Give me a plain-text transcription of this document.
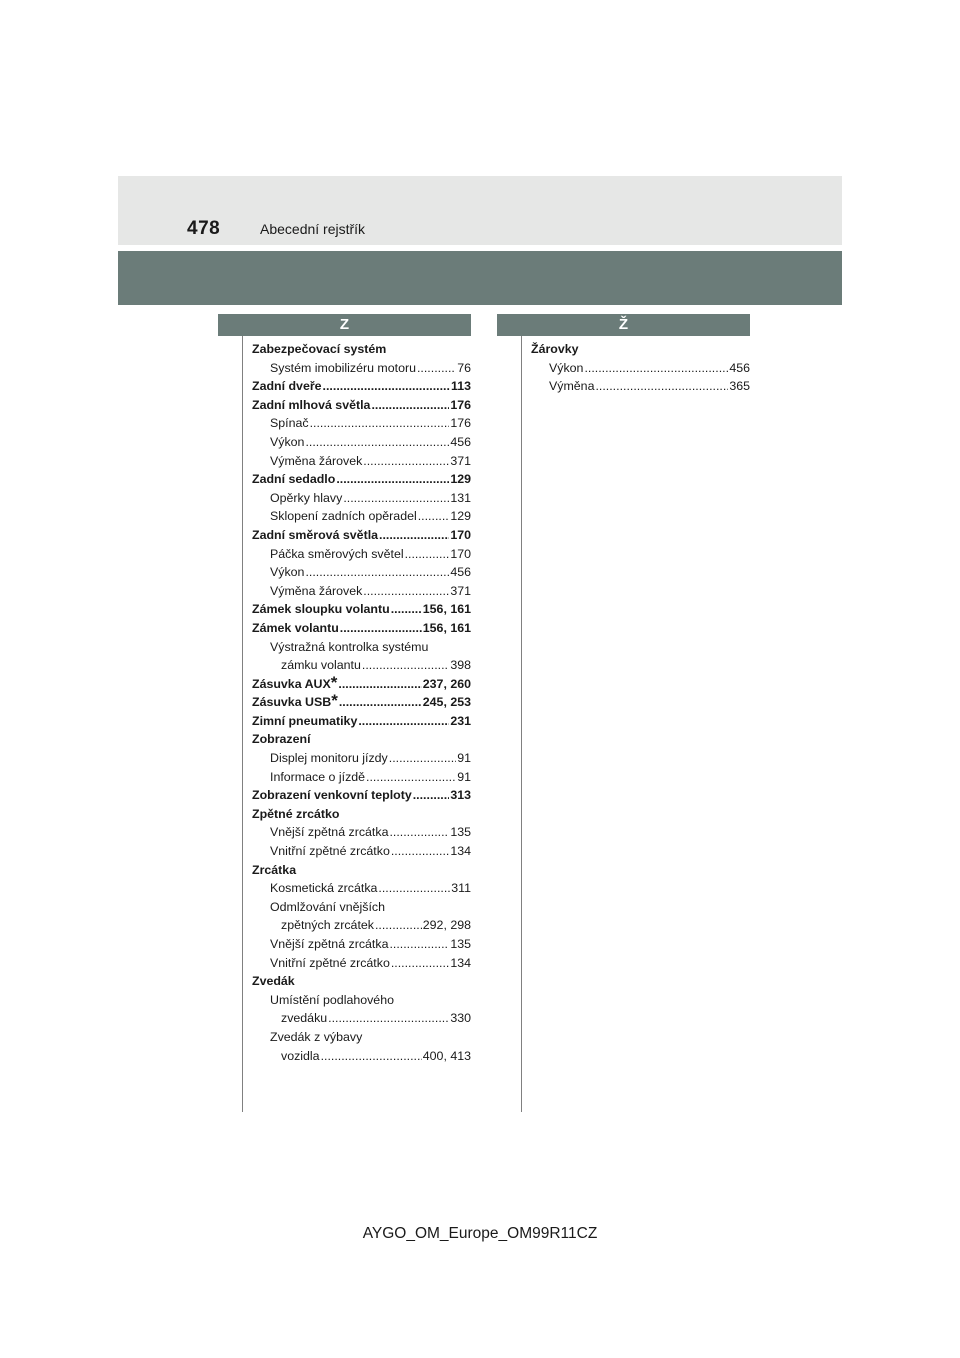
478	Abecední rejstřík
Z	Ž
Zabezpečovací systém
Systém imobilizéru motoru .....	76
Zadní dveře .....	113
Zadní mlhová světla .....	176
Spínač .....	176
Výkon .....	456
Výměna žárovek .....	371
Zadní sedadlo .....	129
Opěrky hlavy .....	131
Sklopení zadních opěradel .....	129
Zadní směrová světla .....	170
Páčka směrových světel .....	170
Výkon .....	456
Výměna žárovek .....	371
Zámek sloupku volantu .....	156, 161
Zámek volantu .....	156, 161
Výstražná kontrolka systému
zámku volantu .....	398
Zásuvka AUX * .....	237, 260
Zásuvka USB * .....	245, 253
Zimní pneumatiky .....	231
Zobrazení
Displej monitoru jízdy .....	91
Informace o jízdě .....	91
Zobrazení venkovní teploty .....	313
Zpětné zrcátko
Vnější zpětná zrcátka .....	135
Vnitřní zpětné zrcátko .....	134
Zrcátka
Kosmetická zrcátka .....	311
Odmlžování vnějších
zpětných zrcátek .....	292, 298
Vnější zpětná zrcátka .....	135
Vnitřní zpětné zrcátko .....	134
Zvedák
Umístění podlahového
zvedáku .....	330
Zvedák z výbavy
vozidla .....	400, 413
Žárovky
Výkon .....	456
Výměna .....	365
AYGO_OM_Europe_OM99R11CZ
